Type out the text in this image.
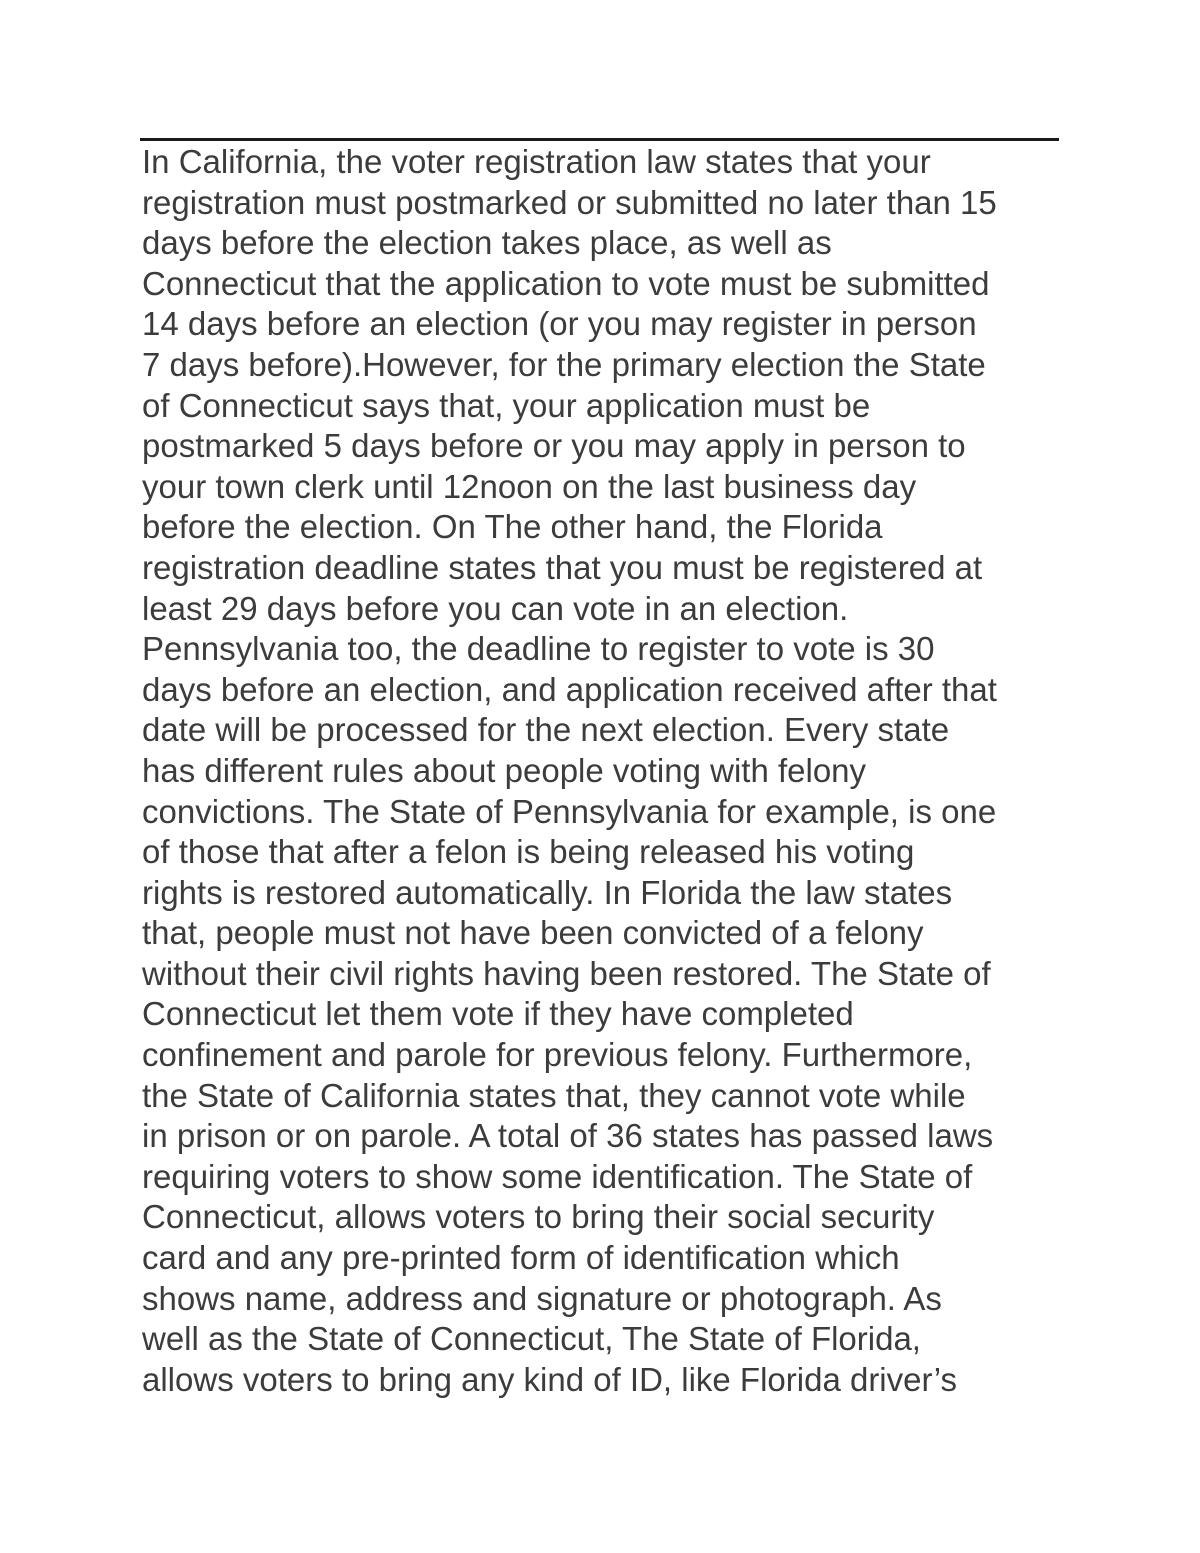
In California, the voter registration law states that your
registration must postmarked or submitted no later than 15
days before the election takes place, as well as
Connecticut that the application to vote must be submitted
14 days before an election (or you may register in person
7 days before).However, for the primary election the State
of Connecticut says that, your application must be
postmarked 5 days before or you may apply in person to
your town clerk until 12noon on the last business day
before the election. On The other hand, the Florida
registration deadline states that you must be registered at
least 29 days before you can vote in an election.
Pennsylvania too, the deadline to register to vote is 30
days before an election, and application received after that
date will be processed for the next election. Every state
has different rules about people voting with felony
convictions. The State of Pennsylvania for example, is one
of those that after a felon is being released his voting
rights is restored automatically. In Florida the law states
that, people must not have been convicted of a felony
without their civil rights having been restored. The State of
Connecticut let them vote if they have completed
confinement and parole for previous felony. Furthermore,
the State of California states that, they cannot vote while
in prison or on parole. A total of 36 states has passed laws
requiring voters to show some identification. The State of
Connecticut, allows voters to bring their social security
card and any pre-printed form of identification which
shows name, address and signature or photograph. As
well as the State of Connecticut, The State of Florida,
allows voters to bring any kind of ID, like Florida driver’s
